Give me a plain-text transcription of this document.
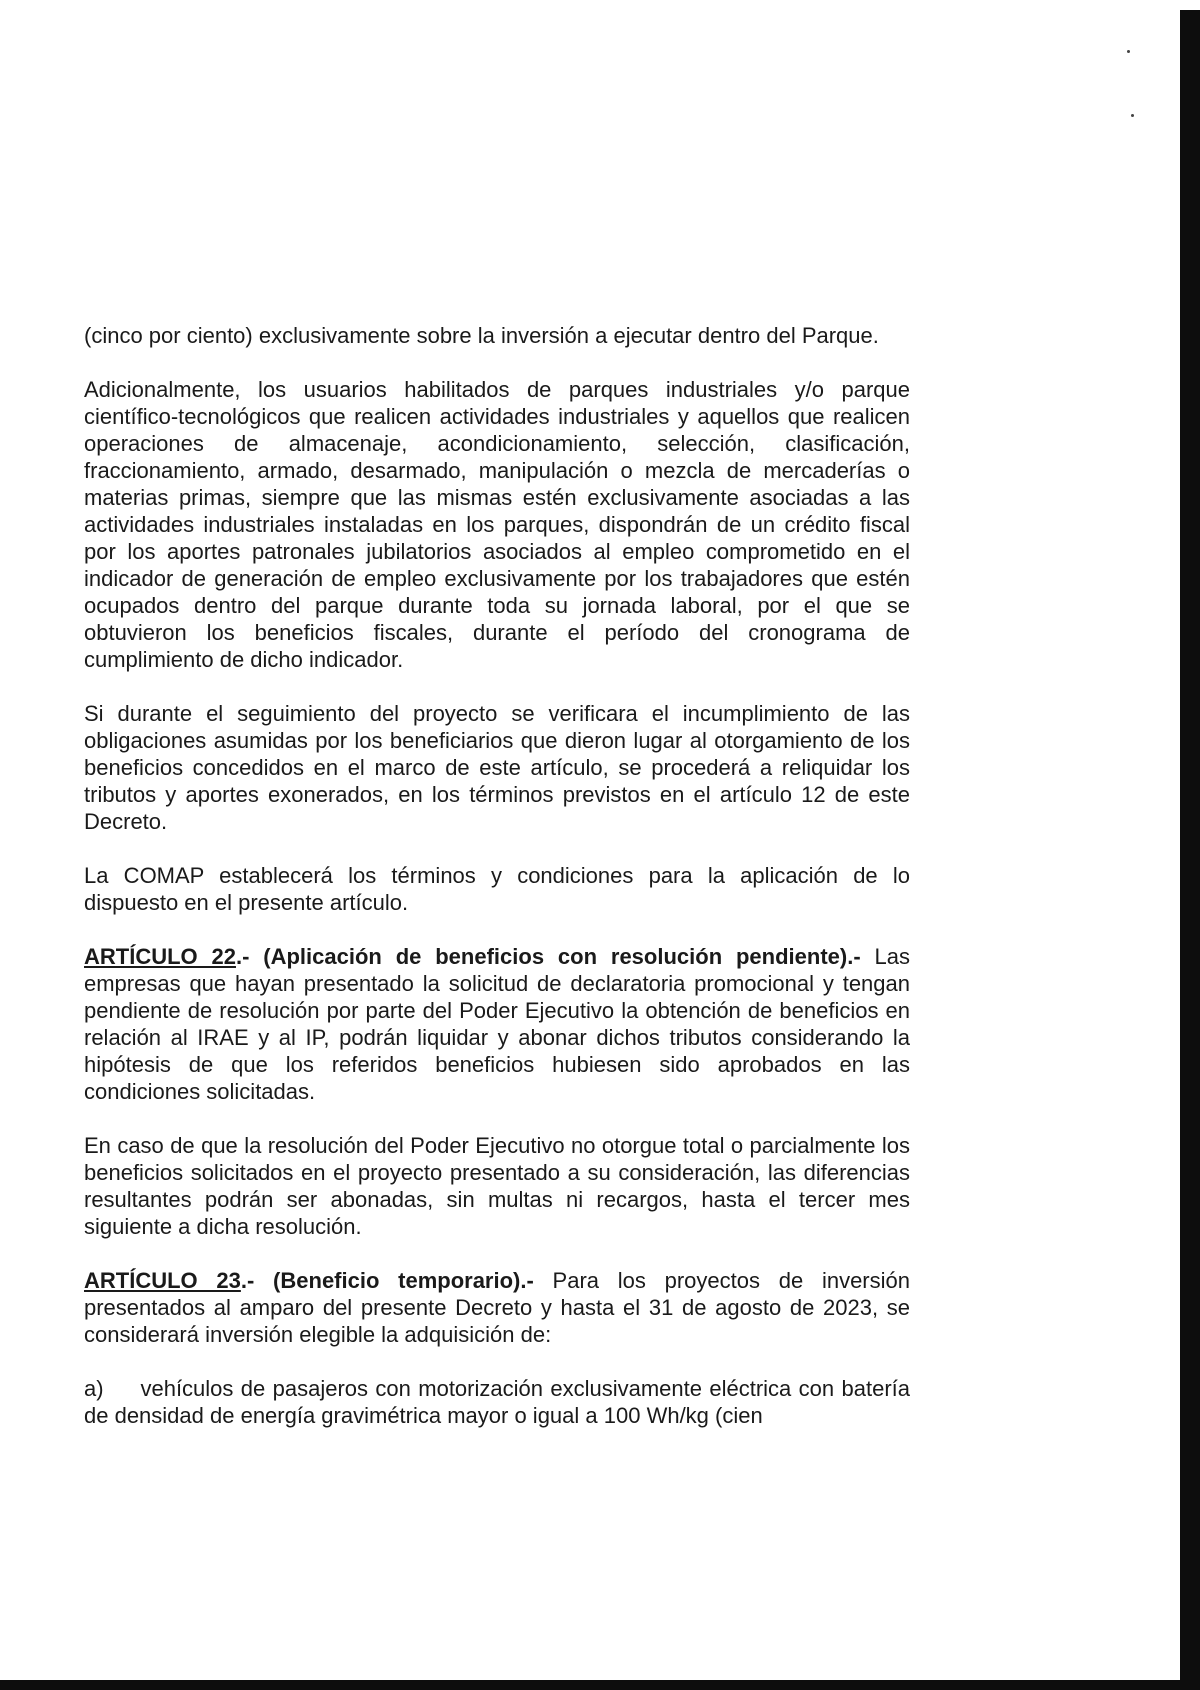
(cinco por ciento) exclusivamente sobre la inversión a ejecutar dentro del Parque.

Adicionalmente, los usuarios habilitados de parques industriales y/o parque científico-tecnológicos que realicen actividades industriales y aquellos que realicen operaciones de almacenaje, acondicionamiento, selección, clasificación, fraccionamiento, armado, desarmado, manipulación o mezcla de mercaderías o materias primas, siempre que las mismas estén exclusivamente asociadas a las actividades industriales instaladas en los parques, dispondrán de un crédito fiscal por los aportes patronales jubilatorios asociados al empleo comprometido en el indicador de generación de empleo exclusivamente por los trabajadores que estén ocupados dentro del parque durante toda su jornada laboral, por el que se obtuvieron los beneficios fiscales, durante el período del cronograma de cumplimiento de dicho indicador.

Si durante el seguimiento del proyecto se verificara el incumplimiento de las obligaciones asumidas por los beneficiarios que dieron lugar al otorgamiento de los beneficios concedidos en el marco de este artículo, se procederá a reliquidar los tributos y aportes exonerados, en los términos previstos en el artículo 12 de este Decreto.

La COMAP establecerá los términos y condiciones para la aplicación de lo dispuesto en el presente artículo.

ARTÍCULO 22.- (Aplicación de beneficios con resolución pendiente).- Las empresas que hayan presentado la solicitud de declaratoria promocional y tengan pendiente de resolución por parte del Poder Ejecutivo la obtención de beneficios en relación al IRAE y al IP, podrán liquidar y abonar dichos tributos considerando la hipótesis de que los referidos beneficios hubiesen sido aprobados en las condiciones solicitadas.

En caso de que la resolución del Poder Ejecutivo no otorgue total o parcialmente los beneficios solicitados en el proyecto presentado a su consideración, las diferencias resultantes podrán ser abonadas, sin multas ni recargos, hasta el tercer mes siguiente a dicha resolución.

ARTÍCULO 23.- (Beneficio temporario).- Para los proyectos de inversión presentados al amparo del presente Decreto y hasta el 31 de agosto de 2023, se considerará inversión elegible la adquisición de:

a) vehículos de pasajeros con motorización exclusivamente eléctrica con batería de densidad de energía gravimétrica mayor o igual a 100 Wh/kg (cien
